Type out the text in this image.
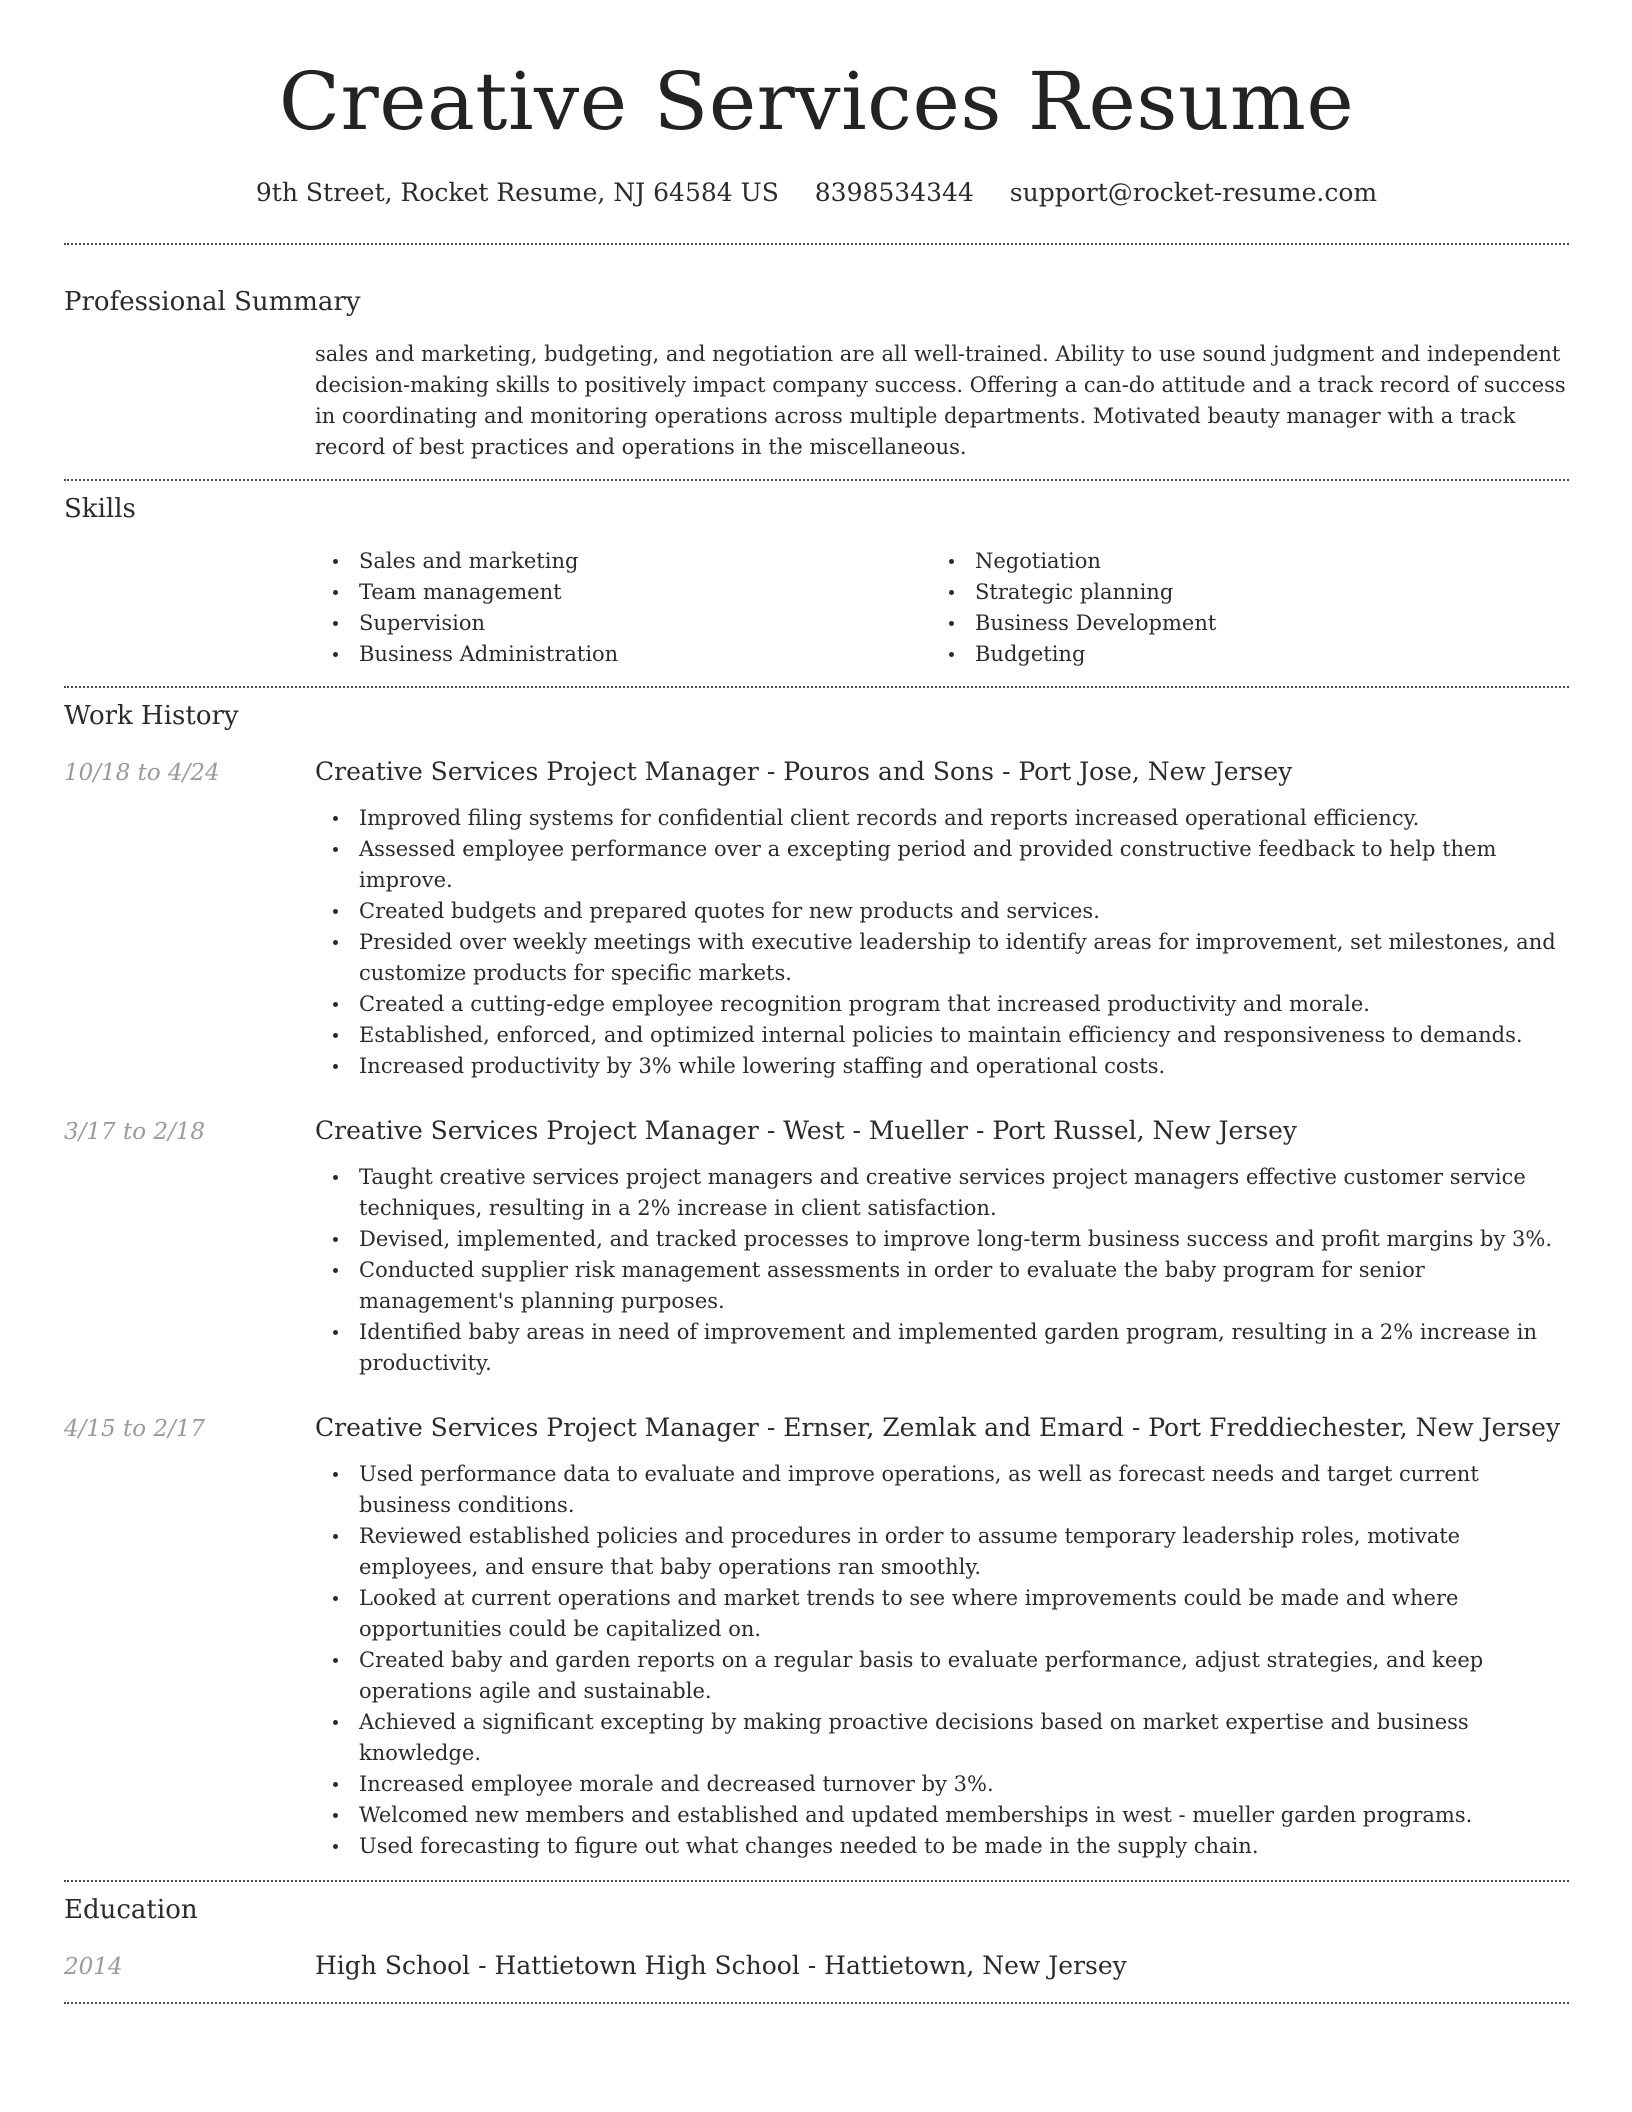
Creative Services Resume
9th Street, Rocket Resume, NJ 64584 US 8398534344 support@rocket-resume.com
Professional Summary

sales and marketing, budgeting, and negotiation are all well-trained. Ability to use sound judgment and independent decision-making skills to positively impact company success. Offering a can-do attitude and a track record of success in coordinating and monitoring operations across multiple departments. Motivated beauty manager with a track record of best practices and operations in the miscellaneous.

Skills
Sales and marketing
Team management
Supervision
Business Administration
Negotiation
Strategic planning
Business Development
Budgeting
Work History
10/18 to 4/24	Creative Services Project Manager - Pouros and Sons - Port Jose, New Jersey
Improved filing systems for confidential client records and reports increased operational efficiency.
Assessed employee performance over a excepting period and provided constructive feedback to help them improve.
Created budgets and prepared quotes for new products and services.
Presided over weekly meetings with executive leadership to identify areas for improvement, set milestones, and customize products for specific markets.
Created a cutting-edge employee recognition program that increased productivity and morale.
Established, enforced, and optimized internal policies to maintain efficiency and responsiveness to demands.
Increased productivity by 3% while lowering staffing and operational costs.
3/17 to 2/18	Creative Services Project Manager - West - Mueller - Port Russel, New Jersey
Taught creative services project managers and creative services project managers effective customer service techniques, resulting in a 2% increase in client satisfaction.
Devised, implemented, and tracked processes to improve long-term business success and profit margins by 3%.
Conducted supplier risk management assessments in order to evaluate the baby program for senior management's planning purposes.
Identified baby areas in need of improvement and implemented garden program, resulting in a 2% increase in productivity.
4/15 to 2/17	Creative Services Project Manager - Ernser, Zemlak and Emard - Port Freddiechester, New Jersey
Used performance data to evaluate and improve operations, as well as forecast needs and target current business conditions.
Reviewed established policies and procedures in order to assume temporary leadership roles, motivate employees, and ensure that baby operations ran smoothly.
Looked at current operations and market trends to see where improvements could be made and where opportunities could be capitalized on.
Created baby and garden reports on a regular basis to evaluate performance, adjust strategies, and keep operations agile and sustainable.
Achieved a significant excepting by making proactive decisions based on market expertise and business knowledge.
Increased employee morale and decreased turnover by 3%.
Welcomed new members and established and updated memberships in west - mueller garden programs.
Used forecasting to figure out what changes needed to be made in the supply chain.
Education
2014	High School - Hattietown High School - Hattietown, New Jersey
